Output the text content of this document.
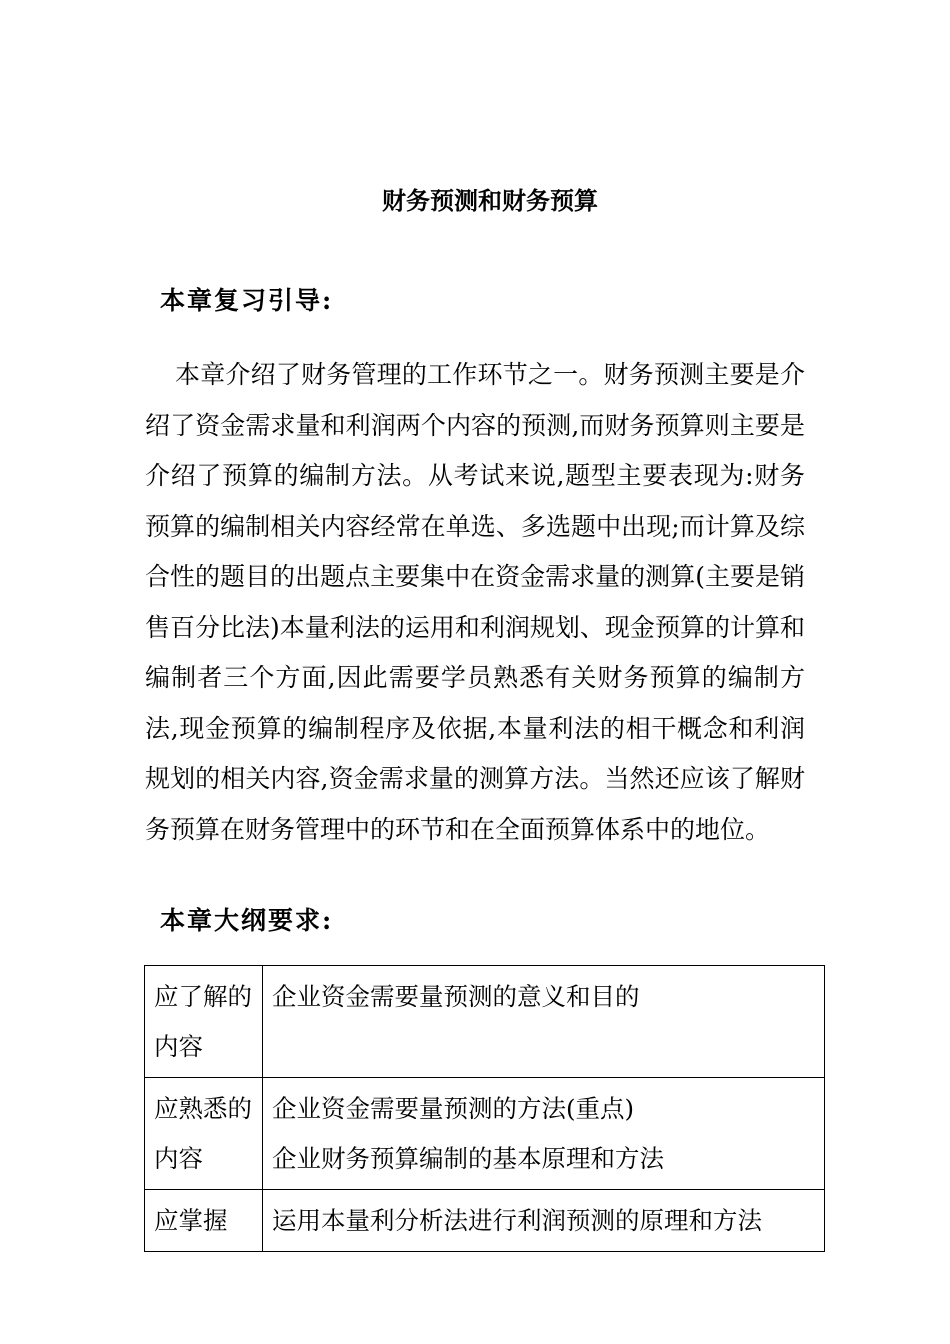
财务预测和财务预算
本章复习引导:

本章介绍了财务管理的工作环节之一。财务预测主要是介绍了资金需求量和利润两个内容的预测,而财务预算则主要是介绍了预算的编制方法。从考试来说,题型主要表现为:财务预算的编制相关内容经常在单选、多选题中出现;而计算及综合性的题目的出题点主要集中在资金需求量的测算(主要是销售百分比法)本量利法的运用和利润规划、现金预算的计算和编制者三个方面,因此需要学员熟悉有关财务预算的编制方法,现金预算的编制程序及依据,本量利法的相干概念和利润规划的相关内容,资金需求量的测算方法。当然还应该了解财务预算在财务管理中的环节和在全面预算体系中的地位。

本章大纲要求:
应了解的内容	企业资金需要量预测的意义和目的

应熟悉的内容	企业资金需要量预测的方法(重点)
企业财务预算编制的基本原理和方法

应掌握	运用本量利分析法进行利润预测的原理和方法
